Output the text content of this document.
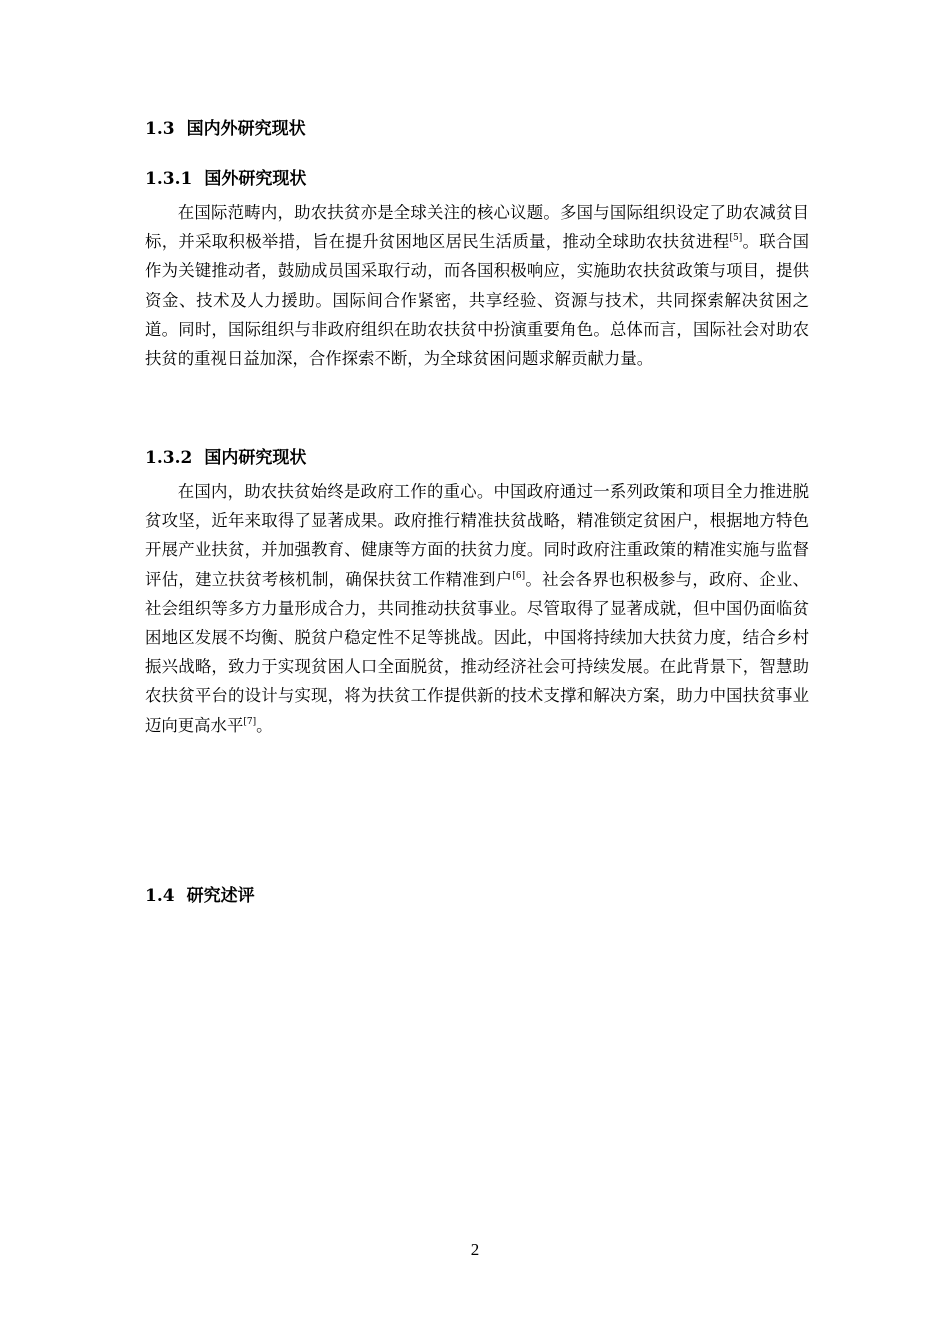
1.3 国内外研究现状
1.3.1 国外研究现状

在国际范畴内，助农扶贫亦是全球关注的核心议题。多国与国际组织设定了助农减贫目标，并采取积极举措，旨在提升贫困地区居民生活质量，推动全球助农扶贫进程[5]。联合国作为关键推动者，鼓励成员国采取行动，而各国积极响应，实施助农扶贫政策与项目，提供资金、技术及人力援助。国际间合作紧密，共享经验、资源与技术，共同探索解决贫困之道。同时，国际组织与非政府组织在助农扶贫中扮演重要角色。总体而言，国际社会对助农扶贫的重视日益加深，合作探索不断，为全球贫困问题求解贡献力量。

1.3.2 国内研究现状

在国内，助农扶贫始终是政府工作的重心。中国政府通过一系列政策和项目全力推进脱贫攻坚，近年来取得了显著成果。政府推行精准扶贫战略，精准锁定贫困户，根据地方特色开展产业扶贫，并加强教育、健康等方面的扶贫力度。同时政府注重政策的精准实施与监督评估，建立扶贫考核机制，确保扶贫工作精准到户[6]。社会各界也积极参与，政府、企业、社会组织等多方力量形成合力，共同推动扶贫事业。尽管取得了显著成就，但中国仍面临贫困地区发展不均衡、脱贫户稳定性不足等挑战。因此，中国将持续加大扶贫力度，结合乡村振兴战略，致力于实现贫困人口全面脱贫，推动经济社会可持续发展。在此背景下，智慧助农扶贫平台的设计与实现，将为扶贫工作提供新的技术支撑和解决方案，助力中国扶贫事业迈向更高水平[7]。

1.4 研究述评
2
